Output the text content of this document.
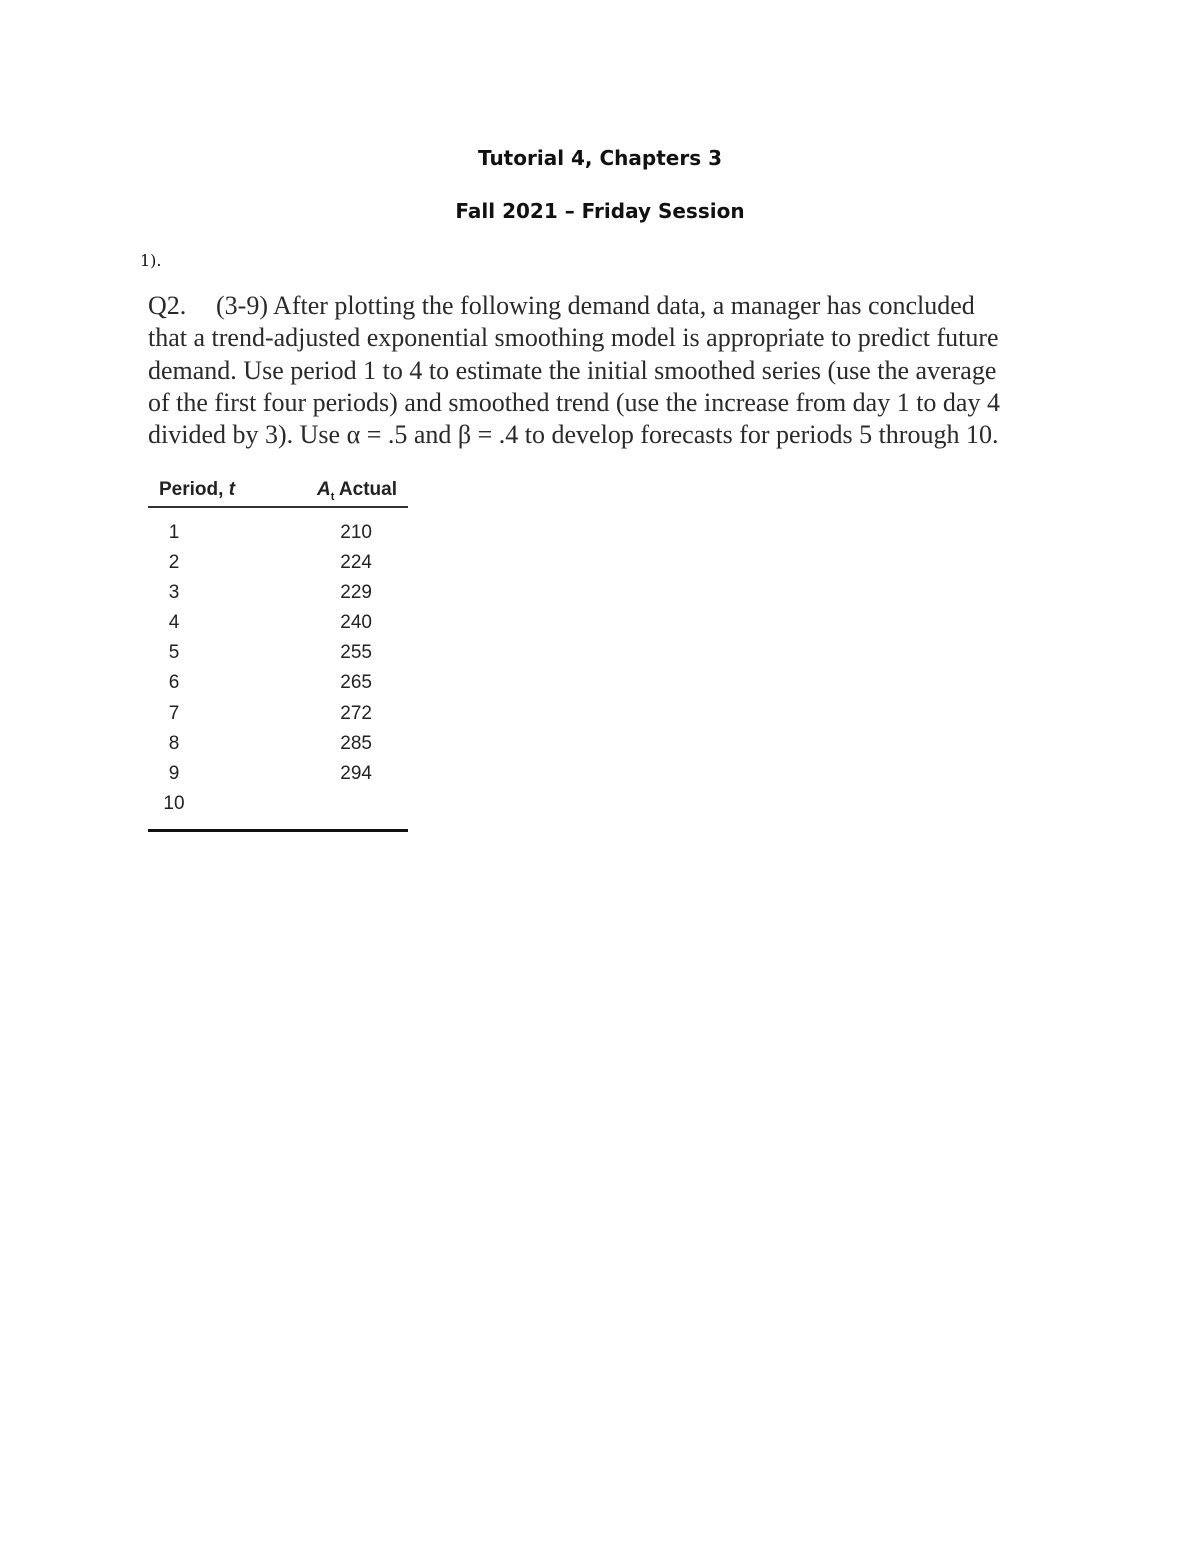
Tutorial 4, Chapters 3
Fall 2021 – Friday Session
1).
Q2. (3-9) After plotting the following demand data, a manager has concluded
that a trend-adjusted exponential smoothing model is appropriate to predict future
demand. Use period 1 to 4 to estimate the initial smoothed series (use the average
of the first four periods) and smoothed trend (use the increase from day 1 to day 4
divided by 3). Use α = .5 and β = .4 to develop forecasts for periods 5 through 10.
Period, t	$A_t$ Actual
1	210
2	224
3	229
4	240
5	255
6	265
7	272
8	285
9	294
10
